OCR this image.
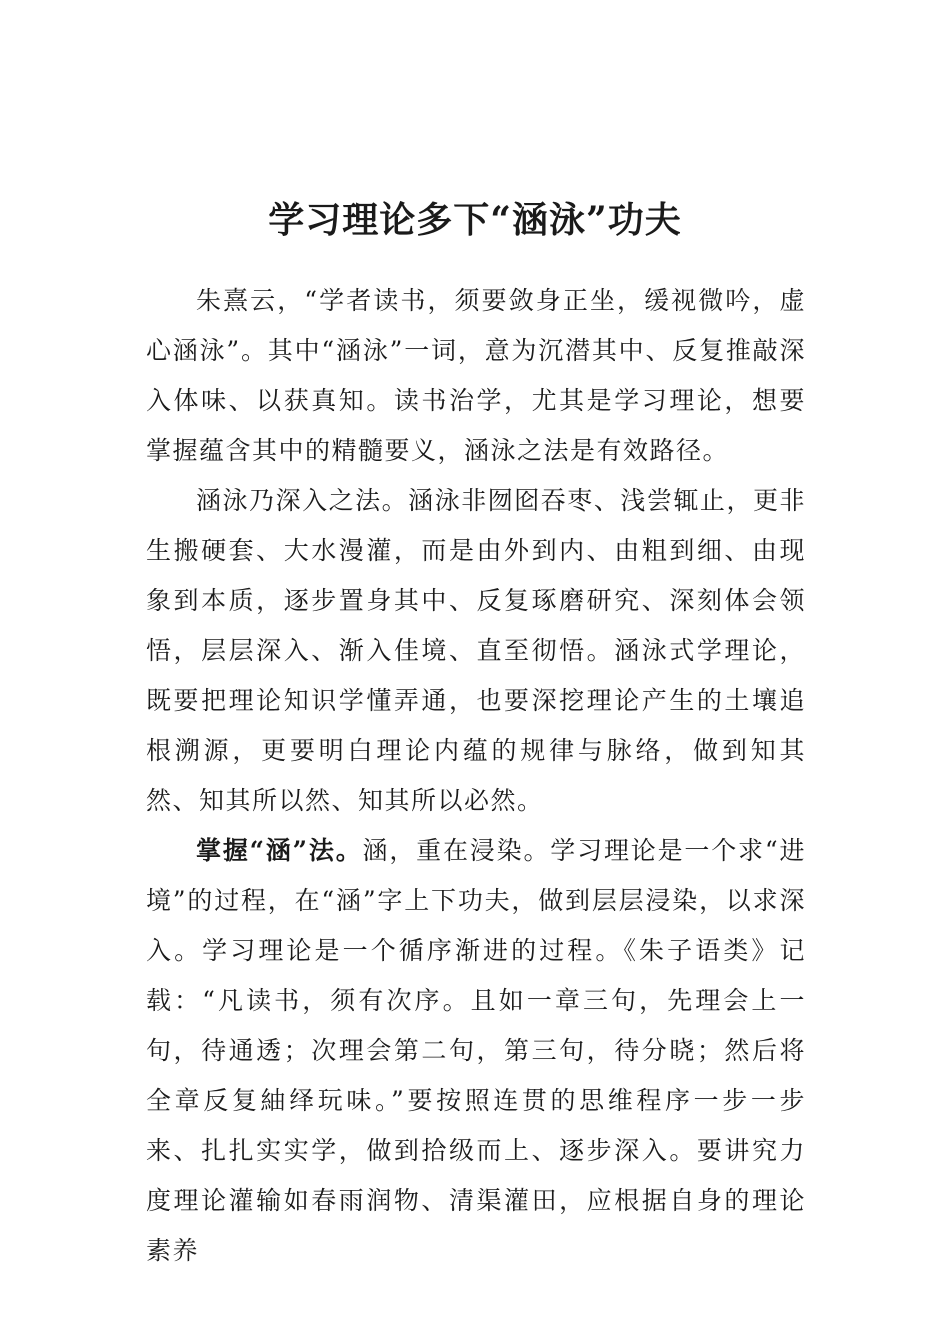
学习理论多下“涵泳”功夫

朱熹云，“学者读书，须要敛身正坐，缓视微吟，虚心涵泳”。其中“涵泳”一词，意为沉潜其中、反复推敲深入体味、以获真知。读书治学，尤其是学习理论，想要掌握蕴含其中的精髓要义，涵泳之法是有效路径。

涵泳乃深入之法。涵泳非囫囵吞枣、浅尝辄止，更非生搬硬套、大水漫灌，而是由外到内、由粗到细、由现象到本质，逐步置身其中、反复琢磨研究、深刻体会领悟，层层深入、渐入佳境、直至彻悟。涵泳式学理论，既要把理论知识学懂弄通，也要深挖理论产生的土壤追根溯源，更要明白理论内蕴的规律与脉络，做到知其然、知其所以然、知其所以必然。

掌握“涵”法。涵，重在浸染。学习理论是一个求“进境”的过程，在“涵”字上下功夫，做到层层浸染，以求深入。学习理论是一个循序渐进的过程。《朱子语类》记载：“凡读书，须有次序。且如一章三句，先理会上一句，待通透；次理会第二句，第三句，待分晓；然后将全章反复紬绎玩味。”要按照连贯的思维程序一步一步来、扎扎实实学，做到拾级而上、逐步深入。要讲究力度理论灌输如春雨润物、清渠灌田，应根据自身的理论素养
